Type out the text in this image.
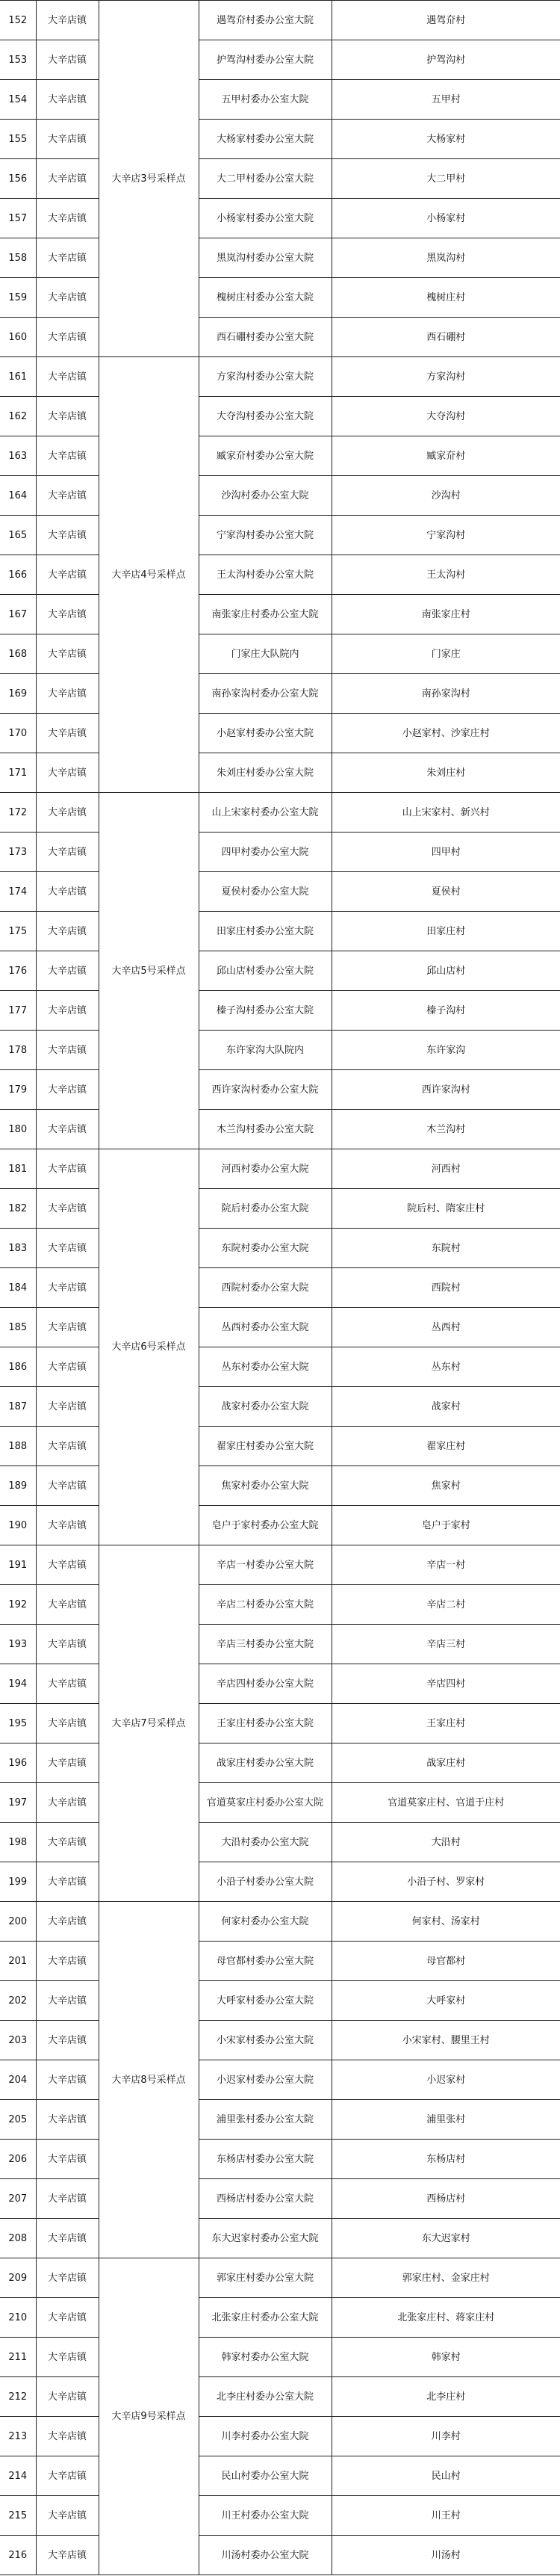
152	大辛店镇	大辛店3号采样点	遇驾夼村委办公室大院	遇驾夼村
153	大辛店镇		护驾沟村委办公室大院	护驾沟村
154	大辛店镇		五甲村委办公室大院	五甲村
155	大辛店镇		大杨家村委办公室大院	大杨家村
156	大辛店镇		大二甲村委办公室大院	大二甲村
157	大辛店镇		小杨家村委办公室大院	小杨家村
158	大辛店镇		黑岚沟村委办公室大院	黑岚沟村
159	大辛店镇		槐树庄村委办公室大院	槐树庄村
160	大辛店镇		西石硼村委办公室大院	西石硼村
161	大辛店镇	大辛店4号采样点	方家沟村委办公室大院	方家沟村
162	大辛店镇		大夺沟村委办公室大院	大夺沟村
163	大辛店镇		臧家夼村委办公室大院	臧家夼村
164	大辛店镇		沙沟村委办公室大院	沙沟村
165	大辛店镇		宁家沟村委办公室大院	宁家沟村
166	大辛店镇		王太沟村委办公室大院	王太沟村
167	大辛店镇		南张家庄村委办公室大院	南张家庄村
168	大辛店镇		门家庄大队院内	门家庄
169	大辛店镇		南孙家沟村委办公室大院	南孙家沟村
170	大辛店镇		小赵家村委办公室大院	小赵家村、沙家庄村
171	大辛店镇		朱刘庄村委办公室大院	朱刘庄村
172	大辛店镇	大辛店5号采样点	山上宋家村委办公室大院	山上宋家村、新兴村
173	大辛店镇		四甲村委办公室大院	四甲村
174	大辛店镇		夏侯村委办公室大院	夏侯村
175	大辛店镇		田家庄村委办公室大院	田家庄村
176	大辛店镇		邱山店村委办公室大院	邱山店村
177	大辛店镇		榛子沟村委办公室大院	榛子沟村
178	大辛店镇		东许家沟大队院内	东许家沟
179	大辛店镇		西许家沟村委办公室大院	西许家沟村
180	大辛店镇		木兰沟村委办公室大院	木兰沟村
181	大辛店镇	大辛店6号采样点	河西村委办公室大院	河西村
182	大辛店镇		院后村委办公室大院	院后村、隋家庄村
183	大辛店镇		东院村委办公室大院	东院村
184	大辛店镇		西院村委办公室大院	西院村
185	大辛店镇		丛西村委办公室大院	丛西村
186	大辛店镇		丛东村委办公室大院	丛东村
187	大辛店镇		战家村委办公室大院	战家村
188	大辛店镇		翟家庄村委办公室大院	翟家庄村
189	大辛店镇		焦家村委办公室大院	焦家村
190	大辛店镇		皂户于家村委办公室大院	皂户于家村
191	大辛店镇	大辛店7号采样点	辛店一村委办公室大院	辛店一村
192	大辛店镇		辛店二村委办公室大院	辛店二村
193	大辛店镇		辛店三村委办公室大院	辛店三村
194	大辛店镇		辛店四村委办公室大院	辛店四村
195	大辛店镇		王家庄村委办公室大院	王家庄村
196	大辛店镇		战家庄村委办公室大院	战家庄村
197	大辛店镇		官道莫家庄村委办公室大院	官道莫家庄村、官道于庄村
198	大辛店镇		大沿村委办公室大院	大沿村
199	大辛店镇		小沿子村委办公室大院	小沿子村、罗家村
200	大辛店镇	大辛店8号采样点	何家村委办公室大院	何家村、汤家村
201	大辛店镇		母官都村委办公室大院	母官都村
202	大辛店镇		大呼家村委办公室大院	大呼家村
203	大辛店镇		小宋家村委办公室大院	小宋家村、腰里王村
204	大辛店镇		小迟家村委办公室大院	小迟家村
205	大辛店镇		浦里张村委办公室大院	浦里张村
206	大辛店镇		东杨店村委办公室大院	东杨店村
207	大辛店镇		西杨店村委办公室大院	西杨店村
208	大辛店镇		东大迟家村委办公室大院	东大迟家村
209	大辛店镇	大辛店9号采样点	郭家庄村委办公室大院	郭家庄村、金家庄村
210	大辛店镇		北张家庄村委办公室大院	北张家庄村、蒋家庄村
211	大辛店镇		韩家村委办公室大院	韩家村
212	大辛店镇		北李庄村委办公室大院	北李庄村
213	大辛店镇		川李村委办公室大院	川李村
214	大辛店镇		民山村委办公室大院	民山村
215	大辛店镇		川王村委办公室大院	川王村
216	大辛店镇		川汤村委办公室大院	川汤村
